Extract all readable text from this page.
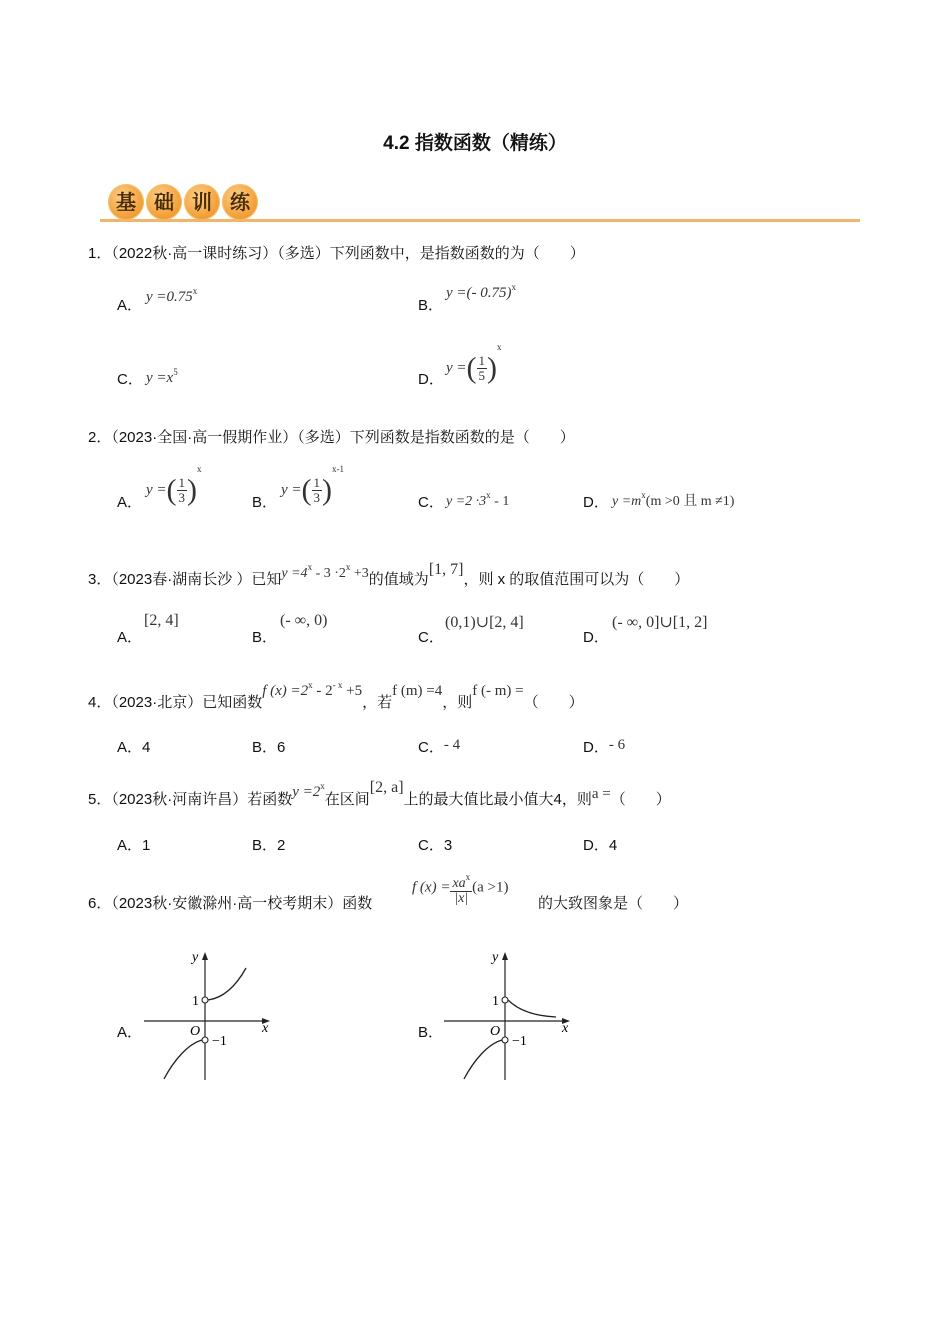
4.2 指数函数（精练）
基 础 训 练
1．（2022秋·高一课时练习）（多选）下列函数中，是指数函数的为（　　）
A． $y =0.75^x$
B．
y =(- 0.75)$^x$
C． $y =x^5$	D．
y =( $\frac{1}{5} )^x$
2．（2023·全国·高一假期作业）（多选）下列函数是指数函数的是（　　）
A．
y =( $\frac{1}{3} )^x$
B．
y =( $\frac{1}{3} )^{x-1}$
C． $y =2 \cdot 3^x - 1$	D． $y =m^x(m >0$ 且 m ≠1)
3．（2023春·湖南长沙 ）已知$y =4^x - 3 \cdot 2^x +3$的值域为[1, 7]，则 x 的取值范围可以为（　　）
A．
[2, 4]
B．
(- ∞, 0)
C．
(0,1)∪[2, 4]
D．
(- ∞, 0]∪[1, 2]
4．（2023·北京）已知函数f $(x) =2^x - 2^{- x} +5$，若f (m) =4，则f (- m) =（　　）
A．4	B．6	C．- 4	D．- 6
5．（2023秋·河南许昌）若函数$y =2^x$在区间[2, a]上的最大值比最小值大4，则a =（　　）
A．1	B．2	C．3	D．4
6．（2023秋·安徽滁州·高一校考期末）函数
f $(x) = \frac{xa^x}{|x|} (a >1)$
的大致图象是（　　）
A．
y
x
O
1
−1
B．
y
x
O
1
−1
